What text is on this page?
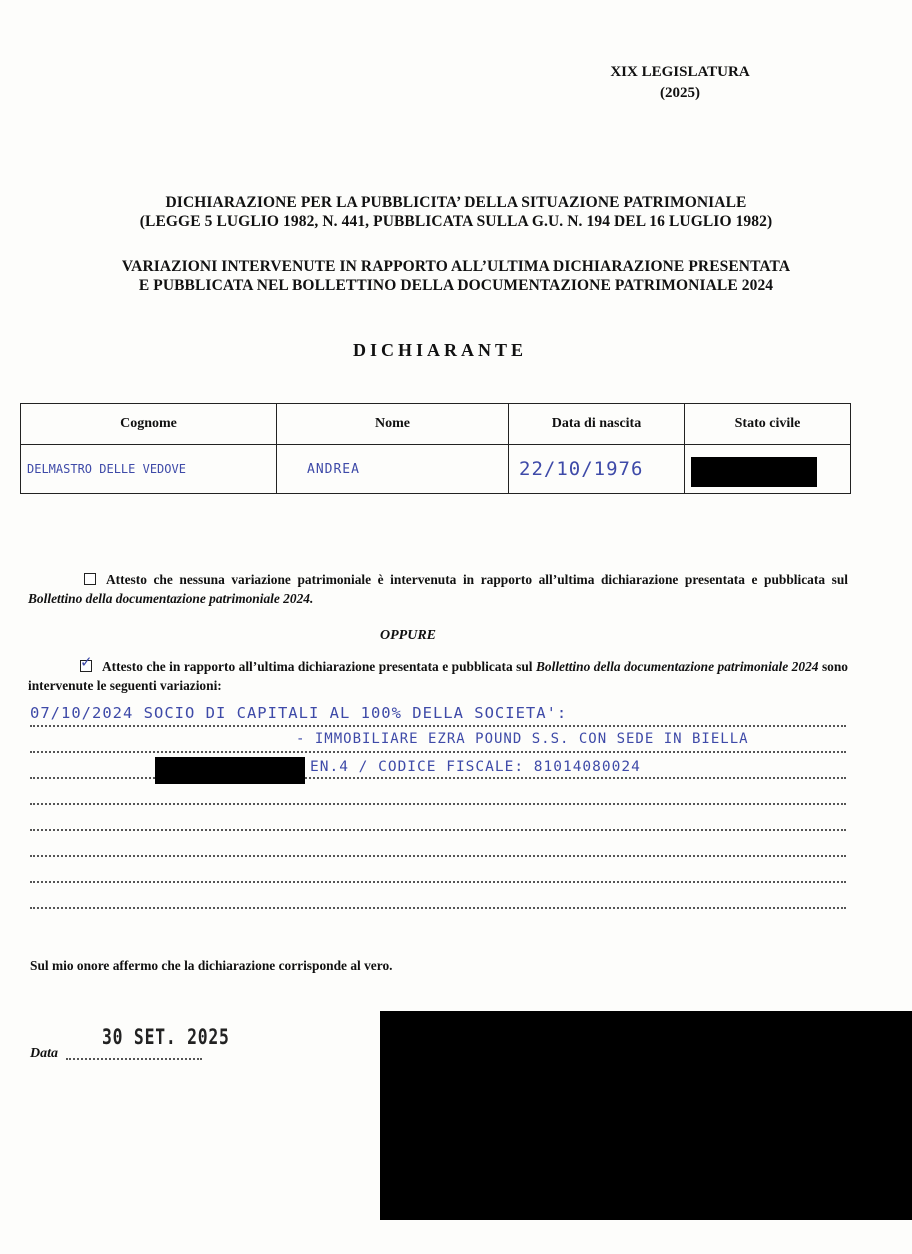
XIX LEGISLATURA
(2025)
DICHIARAZIONE PER LA PUBBLICITA’ DELLA SITUAZIONE PATRIMONIALE
(LEGGE 5 LUGLIO 1982, N. 441, PUBBLICATA SULLA G.U. N. 194 DEL 16 LUGLIO 1982)
VARIAZIONI INTERVENUTE IN RAPPORTO ALL’ULTIMA DICHIARAZIONE PRESENTATA
E PUBBLICATA NEL BOLLETTINO DELLA DOCUMENTAZIONE PATRIMONIALE 2024
DICHIARANTE
Cognome	Nome	Data di nascita	Stato civile
DELMASTRO DELLE VEDOVE	ANDREA	22/10/1976	
Attesto che nessuna variazione patrimoniale è intervenuta in rapporto all’ultima dichiarazione presentata e pubblicata sul Bollettino della documentazione patrimoniale 2024.
OPPURE
✓Attesto che in rapporto all’ultima dichiarazione presentata e pubblicata sul Bollettino della documentazione patrimoniale 2024 sono intervenute le seguenti variazioni:
07/10/2024 SOCIO DI CAPITALI AL 100% DELLA SOCIETA':
- IMMOBILIARE EZRA POUND S.S. CON SEDE IN BIELLA
EN.4 / CODICE FISCALE: 81014080024
Sul mio onore affermo che la dichiarazione corrisponde al vero.
30 SET. 2025
Data
